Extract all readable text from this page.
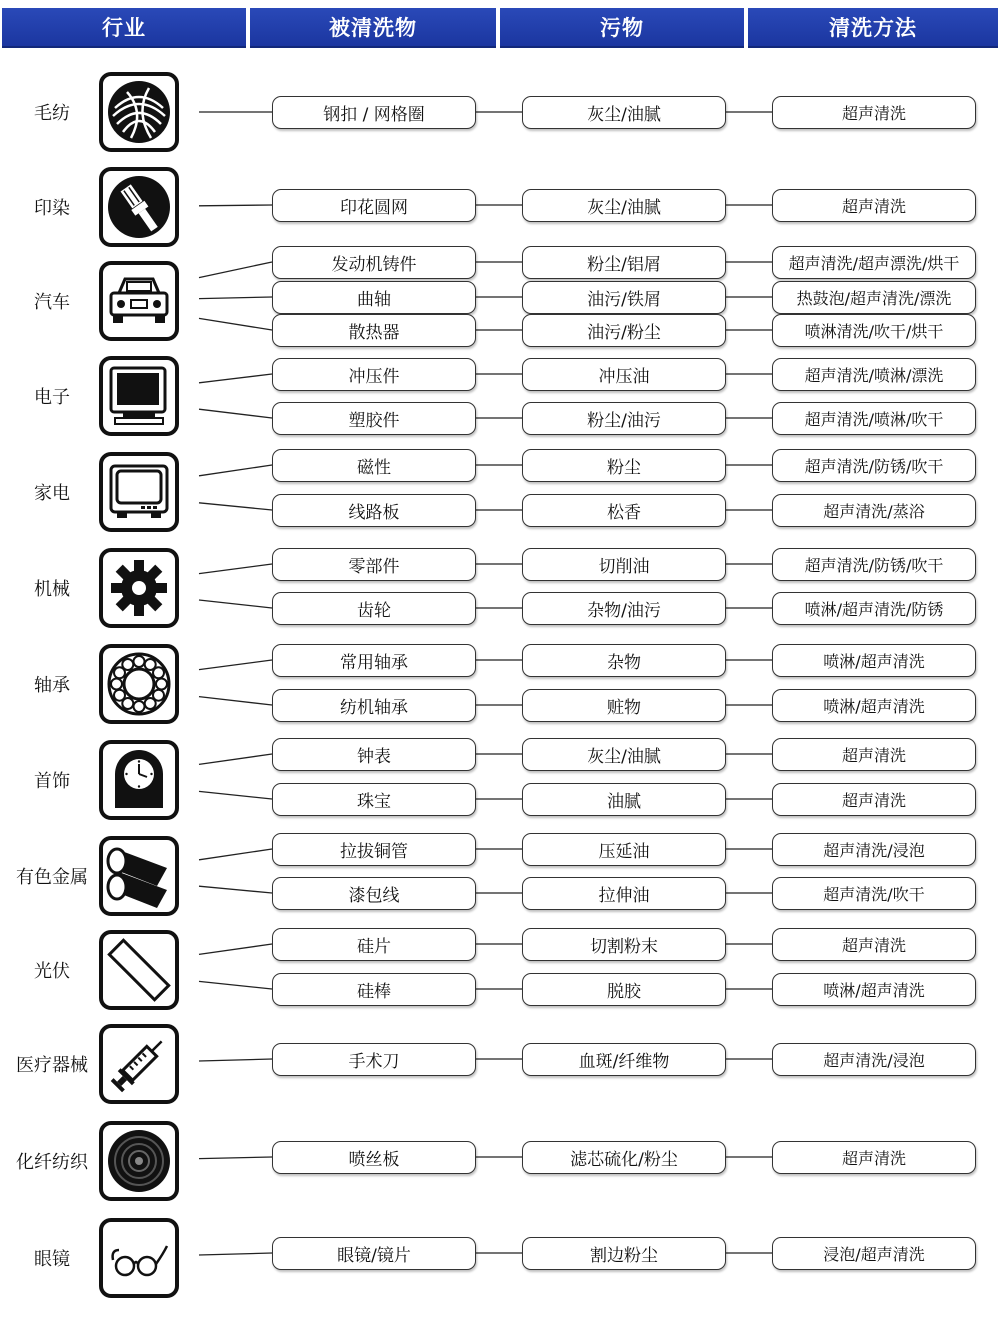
行业	被清洗物	污物	清洗方法
毛纺	钢扣 / 网格圈	灰尘/油腻	超声清洗
印染	印花圆网	灰尘/油腻	超声清洗
汽车
发动机铸件	粉尘/铝屑	超声清洗/超声漂洗/烘干
曲轴	油污/铁屑	热鼓泡/超声清洗/漂洗
散热器	油污/粉尘	喷淋清洗/吹干/烘干
电子
冲压件	冲压油	超声清洗/喷淋/漂洗
塑胶件	粉尘/油污	超声清洗/喷淋/吹干
家电
磁性	粉尘	超声清洗/防锈/吹干
线路板	松香	超声清洗/蒸浴
机械
零部件	切削油	超声清洗/防锈/吹干
齿轮	杂物/油污	喷淋/超声清洗/防锈
轴承
常用轴承	杂物	喷淋/超声清洗
纺机轴承	赃物	喷淋/超声清洗
首饰
钟表	灰尘/油腻	超声清洗
珠宝	油腻	超声清洗
有色金属
拉拔铜管	压延油	超声清洗/浸泡
漆包线	拉伸油	超声清洗/吹干
光伏
硅片	切割粉末	超声清洗
硅棒	脱胶	喷淋/超声清洗
医疗器械	手术刀	血斑/纤维物	超声清洗/浸泡
化纤纺织	喷丝板	滤芯硫化/粉尘	超声清洗
眼镜	眼镜/镜片	割边粉尘	浸泡/超声清洗
